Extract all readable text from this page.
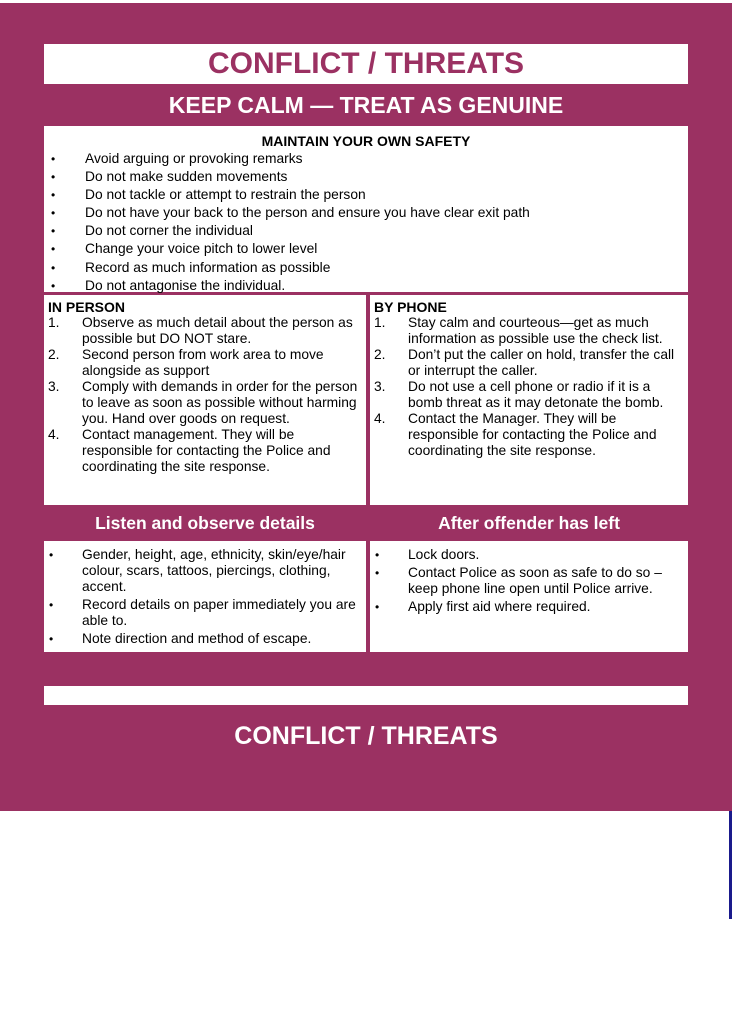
CONFLICT / THREATS
KEEP CALM — TREAT AS GENUINE
MAINTAIN YOUR OWN SAFETY
• Avoid arguing or provoking remarks
• Do not make sudden movements
• Do not tackle or attempt to restrain the person
• Do not have your back to the person and ensure you have clear exit path
• Do not corner the individual
• Change your voice pitch to lower level
• Record as much information as possible
• Do not antagonise the individual.
IN PERSON
1. Observe as much detail about the person as possible but DO NOT stare.
2. Second person from work area to move alongside as support
3. Comply with demands in order for the person to leave as soon as possible without harming you. Hand over goods on request.
4. Contact management. They will be responsible for contacting the Police and coordinating the site response.
BY PHONE
1. Stay calm and courteous—get as much information as possible use the check list.
2. Don’t put the caller on hold, transfer the call or interrupt the caller.
3. Do not use a cell phone or radio if it is a bomb threat as it may detonate the bomb.
4. Contact the Manager. They will be responsible for contacting the Police and coordinating the site response.
Listen and observe details	After offender has left
• Gender, height, age, ethnicity, skin/eye/hair colour, scars, tattoos, piercings, clothing, accent.
• Record details on paper immediately you are able to.
• Note direction and method of escape.
• Lock doors.
• Contact Police as soon as safe to do so – keep phone line open until Police arrive.
• Apply first aid where required.
CONFLICT / THREATS
